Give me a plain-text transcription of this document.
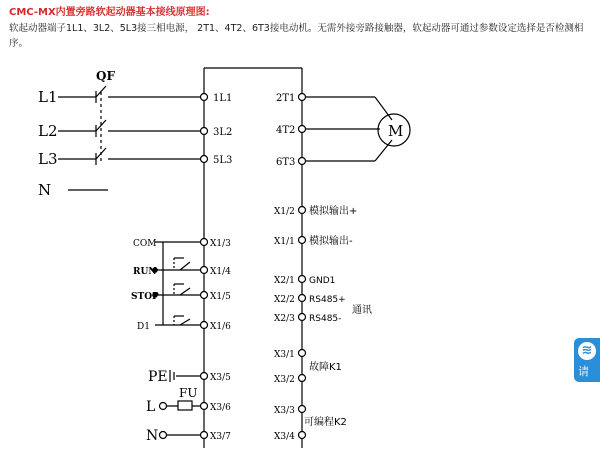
CMC-MX内置旁路软起动器基本接线原理图:

软起动器端子1L1、3L2、5L3接三相电源， 2T1、4T2、6T3接电动机。无需外接旁路接触器，软起动器可通过参数设定选择是否检测相序。

L1
L2
L3
N
QF
1L1
3L2
5L3
2T1
4T2
6T3
M
COM
RUN
STOP
D1
X1/3
X1/4
X1/5
X1/6
PE
L
N
FU
X3/5
X3/6
X3/7
X1/2
X1/1
X2/1
X2/2
X2/3
X3/1
X3/2
X3/3
X3/4
模拟输出+
模拟输出-
GND1
RS485+
RS485-
通讯
故障K1
可编程K2
≋
请
